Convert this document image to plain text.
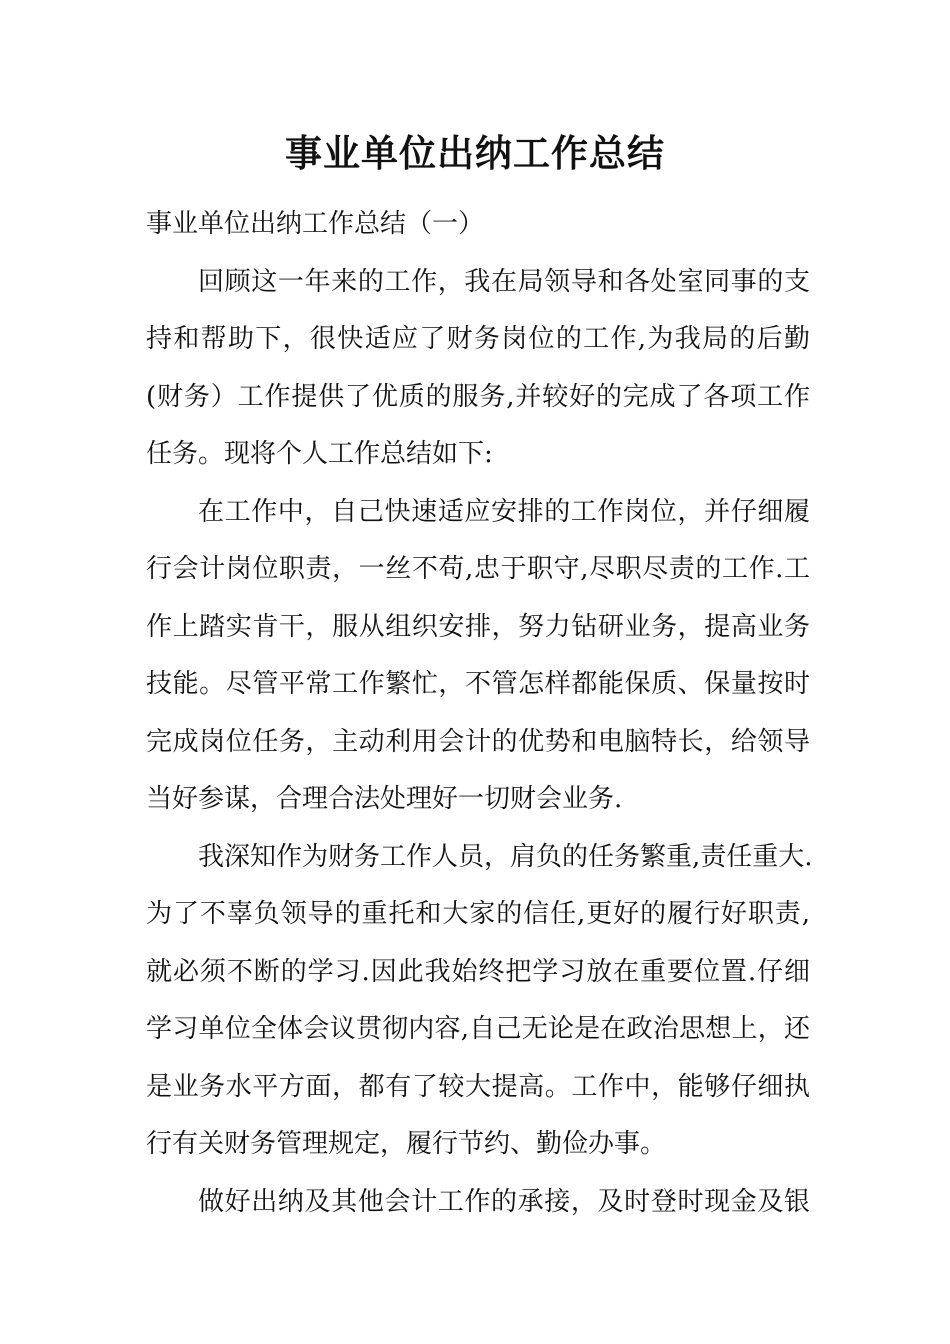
事业单位出纳工作总结

事业单位出纳工作总结（一）

回顾这一年来的工作，我在局领导和各处室同事的支
持和帮助下，很快适应了财务岗位的工作,为我局的后勤
(财务）工作提供了优质的服务,并较好的完成了各项工作
任务。现将个人工作总结如下:

在工作中，自己快速适应安排的工作岗位，并仔细履
行会计岗位职责，一丝不苟,忠于职守,尽职尽责的工作.工
作上踏实肯干，服从组织安排，努力钻研业务，提高业务
技能。尽管平常工作繁忙，不管怎样都能保质、保量按时
完成岗位任务，主动利用会计的优势和电脑特长，给领导
当好参谋，合理合法处理好一切财会业务.

我深知作为财务工作人员，肩负的任务繁重,责任重大.
为了不辜负领导的重托和大家的信任,更好的履行好职责,
就必须不断的学习.因此我始终把学习放在重要位置.仔细
学习单位全体会议贯彻内容,自己无论是在政治思想上，还
是业务水平方面，都有了较大提高。工作中，能够仔细执
行有关财务管理规定，履行节约、勤俭办事。

做好出纳及其他会计工作的承接，及时登时现金及银
